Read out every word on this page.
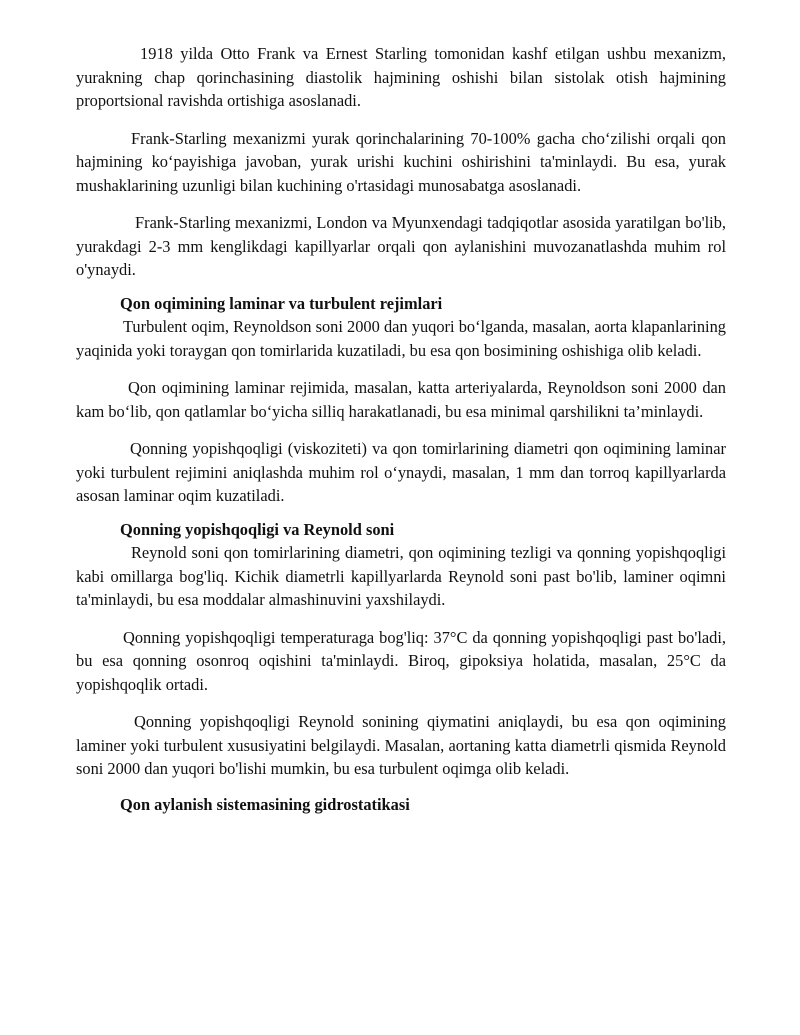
1918 yilda Otto Frank va Ernest Starling tomonidan kashf etilgan ushbu mexanizm, yurakning chap qorinchasining diastolik hajmining oshishi bilan sistolak otish hajmining proportsional ravishda ortishiga asoslanadi.

Frank-Starling mexanizmi yurak qorinchalarining 70-100% gacha choʻzilishi orqali qon hajmining koʻpayishiga javoban, yurak urishi kuchini oshirishini ta'minlaydi. Bu esa, yurak mushaklarining uzunligi bilan kuchining o'rtasidagi munosabatga asoslanadi.

Frank-Starling mexanizmi, London va Myunxendagi tadqiqotlar asosida yaratilgan bo'lib, yurakdagi 2-3 mm kenglikdagi kapillyarlar orqali qon aylanishini muvozanatlashda muhim rol o'ynaydi.

Qon oqimining laminar va turbulent rejimlari

Turbulent oqim, Reynoldson soni 2000 dan yuqori boʻlganda, masalan, aorta klapanlarining yaqinida yoki toraygan qon tomirlarida kuzatiladi, bu esa qon bosimining oshishiga olib keladi.

Qon oqimining laminar rejimida, masalan, katta arteriyalarda, Reynoldson soni 2000 dan kam boʻlib, qon qatlamlar boʻyicha silliq harakatlanadi, bu esa minimal qarshilikni ta’minlaydi.

Qonning yopishqoqligi (viskoziteti) va qon tomirlarining diametri qon oqimining laminar yoki turbulent rejimini aniqlashda muhim rol oʻynaydi, masalan, 1 mm dan torroq kapillyarlarda asosan laminar oqim kuzatiladi.

Qonning yopishqoqligi va Reynold soni

Reynold soni qon tomirlarining diametri, qon oqimining tezligi va qonning yopishqoqligi kabi omillarga bog'liq. Kichik diametrli kapillyarlarda Reynold soni past bo'lib, laminer oqimni ta'minlaydi, bu esa moddalar almashinuvini yaxshilaydi.

Qonning yopishqoqligi temperaturaga bog'liq: 37°C da qonning yopishqoqligi past bo'ladi, bu esa qonning osonroq oqishini ta'minlaydi. Biroq, gipoksiya holatida, masalan, 25°C da yopishqoqlik ortadi.

Qonning yopishqoqligi Reynold sonining qiymatini aniqlaydi, bu esa qon oqimining laminer yoki turbulent xususiyatini belgilaydi. Masalan, aortaning katta diametrli qismida Reynold soni 2000 dan yuqori bo'lishi mumkin, bu esa turbulent oqimga olib keladi.

Qon aylanish sistemasining gidrostatikasi
